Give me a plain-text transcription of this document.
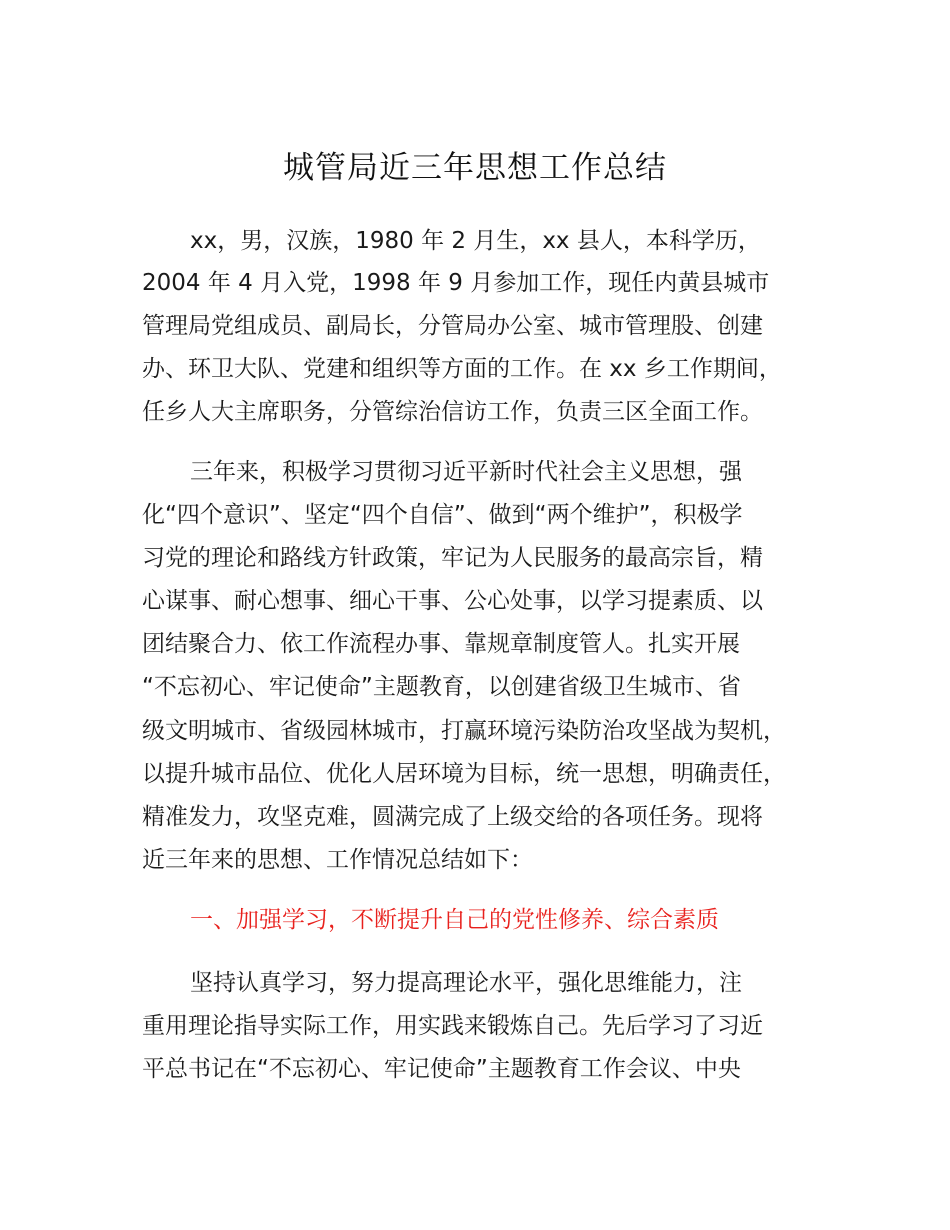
城管局近三年思想工作总结
xx，男，汉族，1980 年 2 月生，xx 县人，本科学历，
2004 年 4 月入党，1998 年 9 月参加工作，现任内黄县城市
管理局党组成员、副局长，分管局办公室、城市管理股、创建
办、环卫大队、党建和组织等方面的工作。在 xx 乡工作期间，
任乡人大主席职务，分管综治信访工作，负责三区全面工作。
三年来，积极学习贯彻习近平新时代社会主义思想，强
化“四个意识”、坚定“四个自信”、做到“两个维护”，积极学
习党的理论和路线方针政策，牢记为人民服务的最高宗旨，精
心谋事、耐心想事、细心干事、公心处事，以学习提素质、以
团结聚合力、依工作流程办事、靠规章制度管人。扎实开展
“不忘初心、牢记使命”主题教育，以创建省级卫生城市、省
级文明城市、省级园林城市，打赢环境污染防治攻坚战为契机，
以提升城市品位、优化人居环境为目标，统一思想，明确责任，
精准发力，攻坚克难，圆满完成了上级交给的各项任务。现将
近三年来的思想、工作情况总结如下：
一、加强学习，不断提升自己的党性修养、综合素质
坚持认真学习，努力提高理论水平，强化思维能力，注
重用理论指导实际工作，用实践来锻炼自己。先后学习了习近
平总书记在“不忘初心、牢记使命”主题教育工作会议、中央
